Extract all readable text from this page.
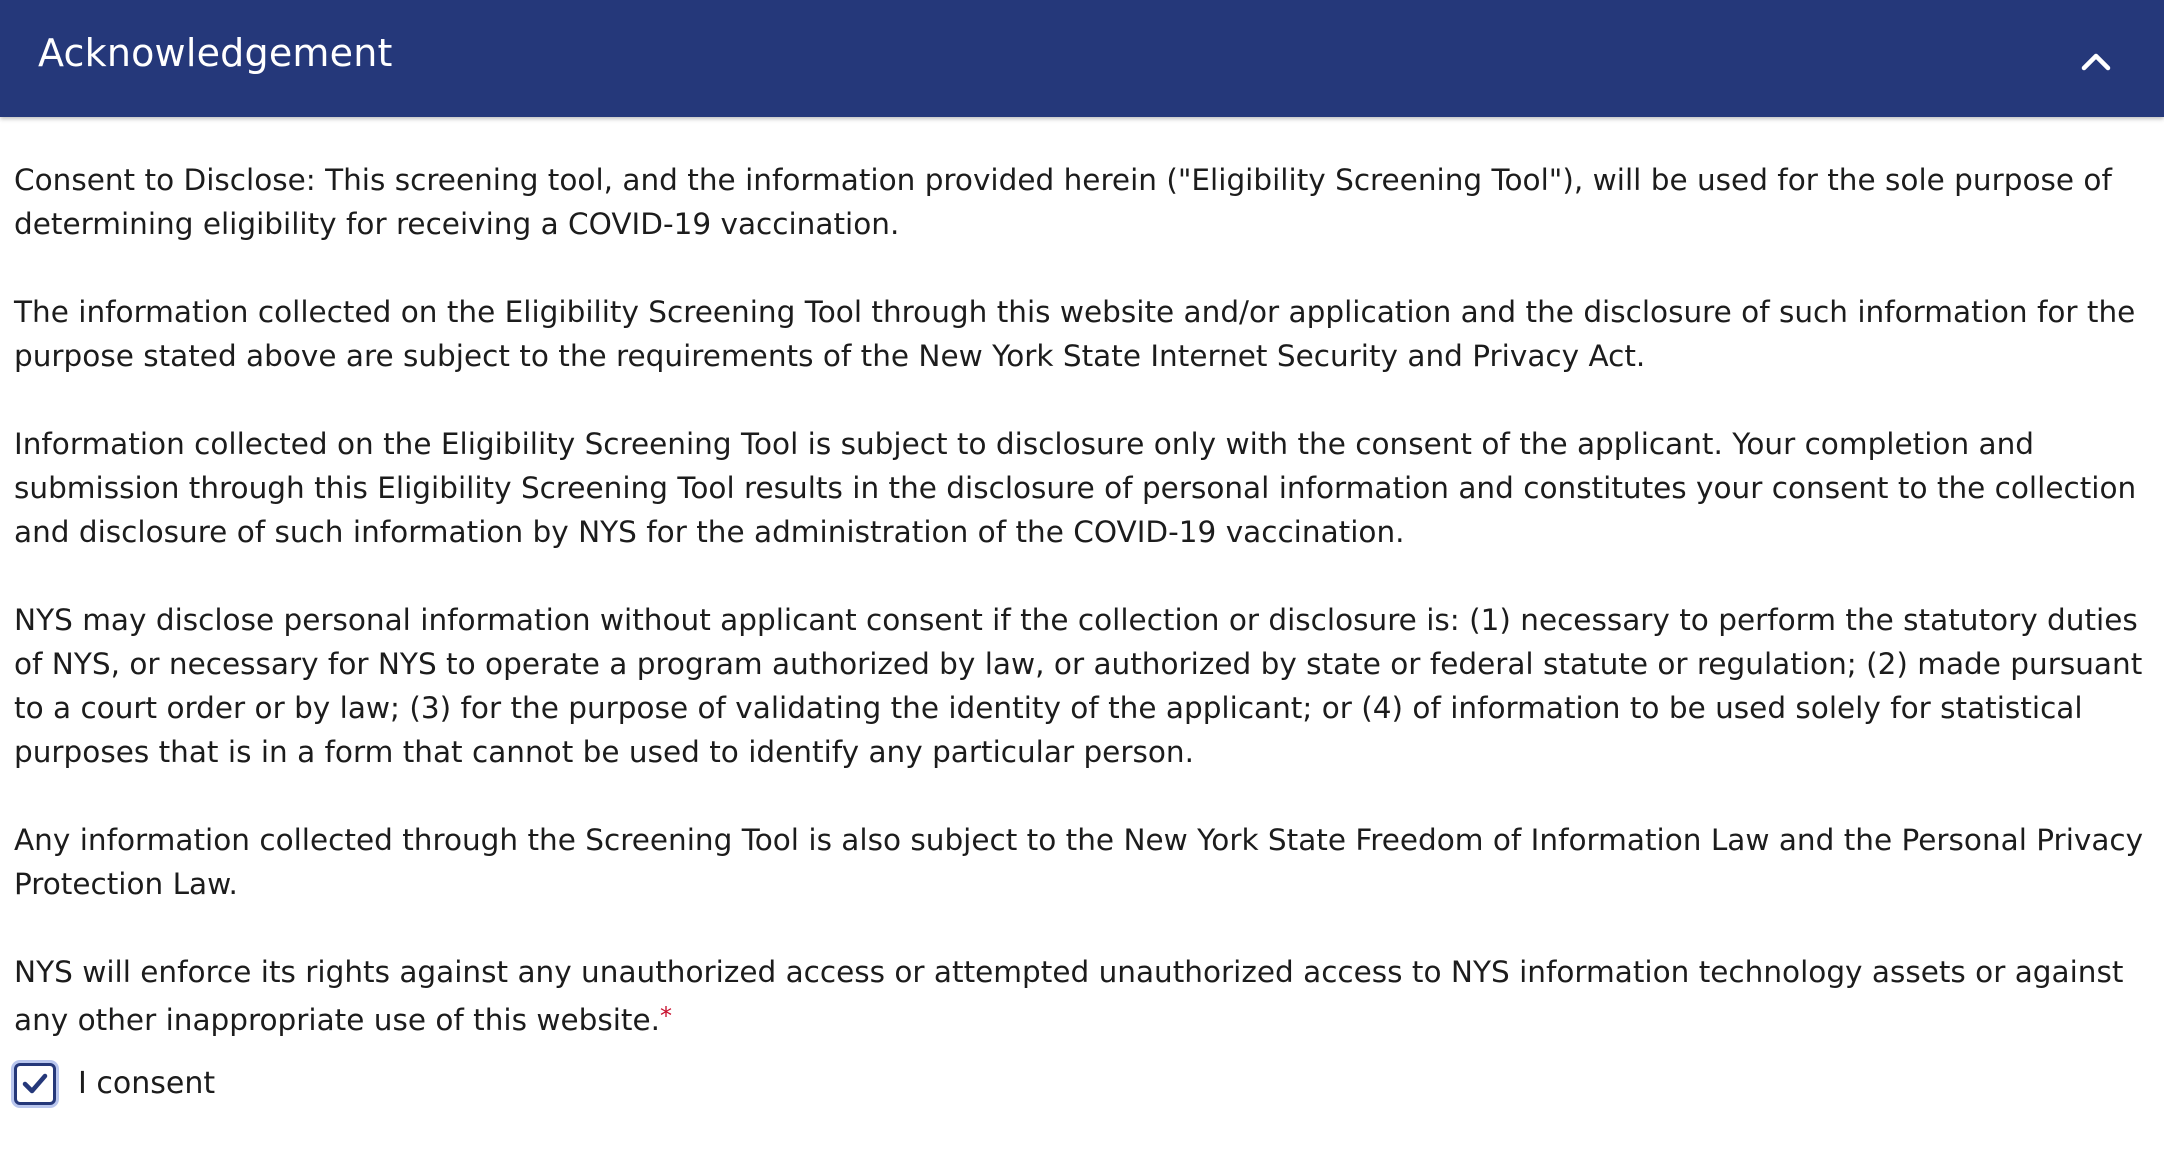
Acknowledgement

Consent to Disclose: This screening tool, and the information provided herein ("Eligibility Screening Tool"), will be used for the sole purpose of determining eligibility for receiving a COVID-19 vaccination.

The information collected on the Eligibility Screening Tool through this website and/or application and the disclosure of such information for the purpose stated above are subject to the requirements of the New York State Internet Security and Privacy Act.

Information collected on the Eligibility Screening Tool is subject to disclosure only with the consent of the applicant. Your completion and submission through this Eligibility Screening Tool results in the disclosure of personal information and constitutes your consent to the collection and disclosure of such information by NYS for the administration of the COVID-19 vaccination.

NYS may disclose personal information without applicant consent if the collection or disclosure is: (1) necessary to perform the statutory duties of NYS, or necessary for NYS to operate a program authorized by law, or authorized by state or federal statute or regulation; (2) made pursuant to a court order or by law; (3) for the purpose of validating the identity of the applicant; or (4) of information to be used solely for statistical purposes that is in a form that cannot be used to identify any particular person.

Any information collected through the Screening Tool is also subject to the New York State Freedom of Information Law and the Personal Privacy Protection Law.

NYS will enforce its rights against any unauthorized access or attempted unauthorized access to NYS information technology assets or against any other inappropriate use of this website.*

I consent
